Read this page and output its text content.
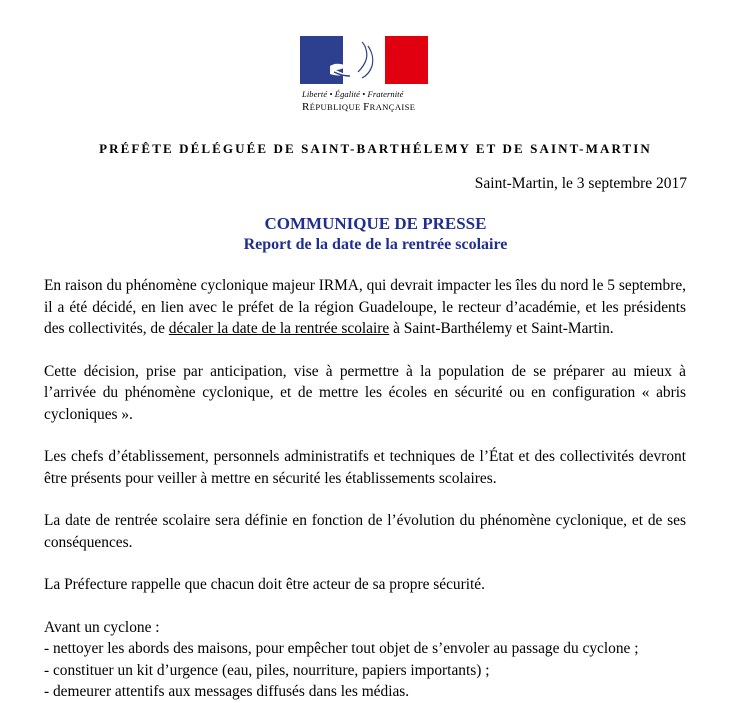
Liberté • Égalité • Fraternité
RÉPUBLIQUE FRANÇAISE
PRÉFÊTE DÉLÉGUÉE DE SAINT-BARTHÉLEMY ET DE SAINT-MARTIN
Saint-Martin, le 3 septembre 2017
COMMUNIQUE DE PRESSE
Report de la date de la rentrée scolaire

En raison du phénomène cyclonique majeur IRMA, qui devrait impacter les îles du nord le 5 septembre, il a été décidé, en lien avec le préfet de la région Guadeloupe, le recteur d’académie, et les présidents des collectivités, de décaler la date de la rentrée scolaire à Saint-Barthélemy et Saint-Martin.

Cette décision, prise par anticipation, vise à permettre à la population de se préparer au mieux à l’arrivée du phénomène cyclonique, et de mettre les écoles en sécurité ou en configuration « abris cycloniques ».

Les chefs d’établissement, personnels administratifs et techniques de l’État et des collectivités devront être présents pour veiller à mettre en sécurité les établissements scolaires.

La date de rentrée scolaire sera définie en fonction de l’évolution du phénomène cyclonique, et de ses conséquences.

La Préfecture rappelle que chacun doit être acteur de sa propre sécurité.

Avant un cyclone :

- nettoyer les abords des maisons, pour empêcher tout objet de s’envoler au passage du cyclone ;

- constituer un kit d’urgence (eau, piles, nourriture, papiers importants) ;

- demeurer attentifs aux messages diffusés dans les médias.
